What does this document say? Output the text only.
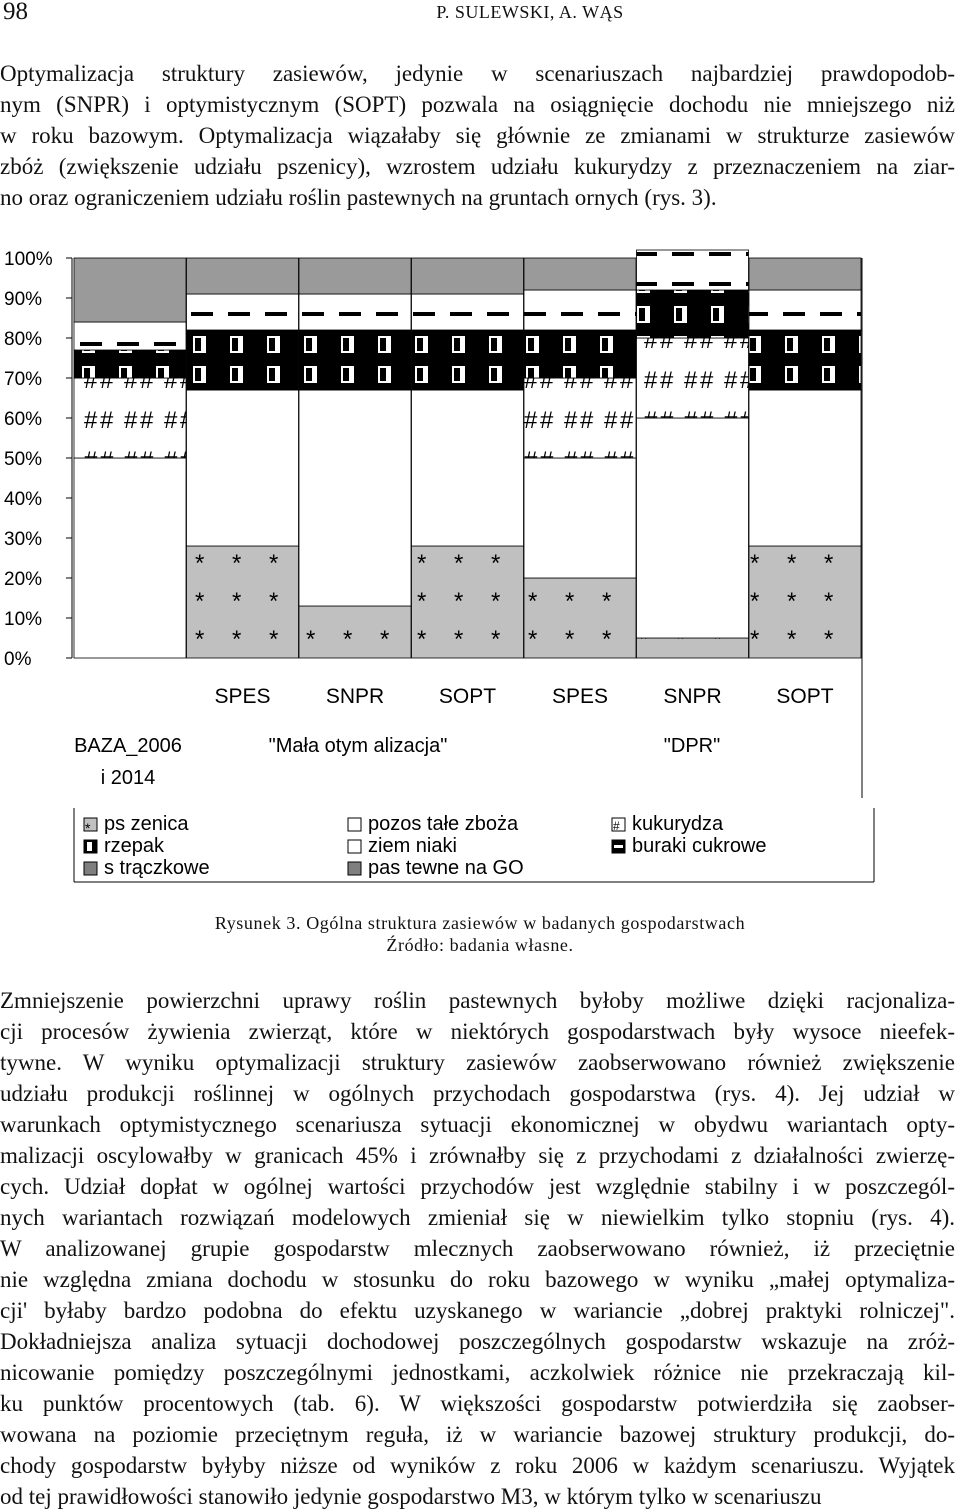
98	P. SULEWSKI, A. WĄS

Optymalizacja struktury zasiewów, jedynie w scenariuszach najbardziej prawdopodob-
nym (SNPR) i optymistycznym (SOPT) pozwala na osiągnięcie dochodu nie mniejszego niż
w roku bazowym. Optymalizacja wiązałaby się głównie ze zmianami w strukturze zasiewów
zbóż (zwiększenie udziału pszenicy), wzrostem udziału kukurydzy z przeznaczeniem na ziar-
no oraz ograniczeniem udziału roślin pastewnych na gruntach ornych (rys. 3).

100%
90%
80%
70%
60%
50%
40%
30%
20%
10%
0%
SPES	SNPR	SOPT	SPES	SNPR	SOPT
BAZA_2006
i 2014
"Mała otym alizacja"	"DPR"
* ps zenica	pozos tałe zboża	# kukurydza
rzepak	ziem niaki	buraki cukrowe
s trączkowe	pas tewne na GO
Rysunek 3. Ogólna struktura zasiewów w badanych gospodarstwach
Źródło: badania własne.

Zmniejszenie powierzchni uprawy roślin pastewnych byłoby możliwe dzięki racjonaliza-
cji procesów żywienia zwierząt, które w niektórych gospodarstwach były wysoce nieefek-
tywne. W wyniku optymalizacji struktury zasiewów zaobserwowano również zwiększenie
udziału produkcji roślinnej w ogólnych przychodach gospodarstwa (rys. 4). Jej udział w
warunkach optymistycznego scenariusza sytuacji ekonomicznej w obydwu wariantach opty-
malizacji oscylowałby w granicach 45% i zrównałby się z przychodami z działalności zwierzę-
cych. Udział dopłat w ogólnej wartości przychodów jest względnie stabilny i w poszczegól-
nych wariantach rozwiązań modelowych zmieniał się w niewielkim tylko stopniu (rys. 4).
W analizowanej grupie gospodarstw mlecznych zaobserwowano również, iż przeciętnie
nie względna zmiana dochodu w stosunku do roku bazowego w wyniku „małej optymaliza-
cji' byłaby bardzo podobna do efektu uzyskanego w wariancie „dobrej praktyki rolniczej".
Dokładniejsza analiza sytuacji dochodowej poszczególnych gospodarstw wskazuje na zróż-
nicowanie pomiędzy poszczególnymi jednostkami, aczkolwiek różnice nie przekraczają kil-
ku punktów procentowych (tab. 6). W większości gospodarstw potwierdziła się zaobser-
wowana na poziomie przeciętnym reguła, iż w wariancie bazowej struktury produkcji, do-
chody gospodarstw byłyby niższe od wyników z roku 2006 w każdym scenariuszu. Wyjątek
od tej prawidłowości stanowiło jedynie gospodarstwo M3, w którym tylko w scenariuszu
